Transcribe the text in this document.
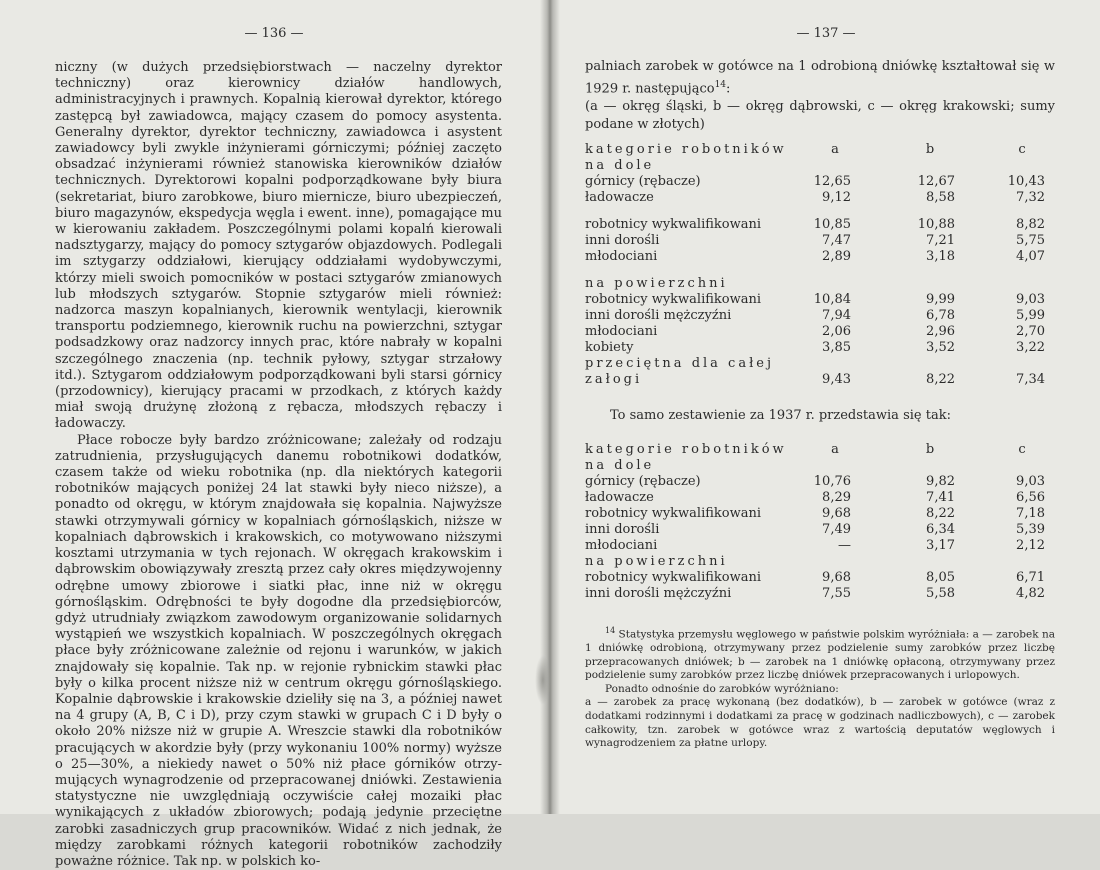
— 136 —

niczny (w dużych przedsiębiorstwach — naczelny dyrektor techniczny) oraz kierownicy działów handlowych, administracyjnych i prawnych. Kopalnią kierował dyrektor, którego zastępcą był zawiadowca, mający czasem do pomocy asystenta. Generalny dyrektor, dyrektor techniczny, zawiadowca i asystent zawiadowcy byli zwykle inżynierami górniczymi; później zaczęto obsadzać inżynierami również stanowiska kierowników działów technicznych. Dyrektorowi kopalni podporządkowane były biura (sekretariat, biuro zarobkowe, biuro miernicze, biuro ubezpieczeń, biuro magazynów, ekspedycja węgla i ewent. inne), pomagające mu w kierowaniu zakładem. Poszczególnymi polami kopalń kierowali nadsztygarzy, mający do pomocy sztygarów objazdowych. Podlegali im sztygarzy oddziałowi, kierujący oddziałami wydobywczymi, którzy mieli swoich pomocników w postaci sztygarów zmianowych lub młodszych sztygarów. Stopnie sztygarów mieli również: nadzorca maszyn kopalnianych, kierownik wentylacji, kierownik transportu podziemnego, kierownik ruchu na powierzchni, sztygar podsadzkowy oraz nadzorcy innych prac, które nabrały w kopalni szczególnego znaczenia (np. technik pyłowy, sztygar strzałowy itd.). Sztygarom oddziałowym podporządkowani byli starsi górnicy (przodownicy), kierujący pracami w przodkach, z których każdy miał swoją drużynę złożoną z rębacza, młodszych rębaczy i ładowaczy.

Płace robocze były bardzo zróżnicowane; zależały od rodzaju zatrudnienia, przysługujących danemu robotnikowi dodatków, czasem także od wieku robotnika (np. dla niektórych kategorii robotników mających poniżej 24 lat stawki były nieco niższe), a ponadto od okręgu, w którym znajdowała się kopalnia. Najwyższe stawki otrzymywali górnicy w kopalniach górnośląskich, niższe w kopalniach dąbrowskich i krakowskich, co motywowano niższymi kosztami utrzymania w tych rejonach. W okręgach krakowskim i dąbrowskim obowiązywały zresztą przez cały okres międzywojenny odrębne umowy zbiorowe i siatki płac, inne niż w okręgu górnośląskim. Odrębności te były dogodne dla przedsiębiorców, gdyż utrudniały związkom zawodowym organizowanie solidarnych wystąpień we wszystkich kopalniach. W poszczególnych okręgach płace były zróżnicowane zależnie od rejonu i warunków, w jakich znajdowały się kopalnie. Tak np. w rejonie rybnickim stawki płac były o kilka procent niższe niż w centrum okręgu górnośląskiego. Kopalnie dąbrowskie i krakowskie dzieliły się na 3, a później nawet na 4 grupy (A, B, C i D), przy czym stawki w grupach C i D były o około 20% niższe niż w grupie A. Wreszcie stawki dla robotników pracujących w akordzie były (przy wykonaniu 100% normy) wyższe o 25—30%, a niekiedy nawet o 50% niż płace górników otrzymujących wynagrodzenie od przepracowanej dniówki. Zestawienia statystyczne nie uwzględniają oczywiście całej mozaiki płac wynikających z układów zbiorowych; podają jedynie przeciętne zarobki zasadniczych grup pracowników. Widać z nich jednak, że między zarobkami różnych kategorii robotników zachodziły poważne różnice. Tak np. w polskich ko-

— 137 —
palniach zarobek w gotówce na 1 odrobioną dniówkę kształtował się w 1929 r. następująco$^{14}$:
(a — okręg śląski, b — okręg dąbrowski, c — okręg krakowski; sumy podane w złotych)
kategorie robotników	a	b	c
na dole
górnicy (rębacze)	12,65	12,67	10,43
ładowacze	9,12	8,58	7,32
robotnicy wykwalifikowani	10,85	10,88	8,82
inni dorośli	7,47	7,21	5,75
młodociani	2,89	3,18	4,07
na powierzchni
robotnicy wykwalifikowani	10,84	9,99	9,03
inni dorośli mężczyźni	7,94	6,78	5,99
młodociani	2,06	2,96	2,70
kobiety	3,85	3,52	3,22
przeciętna dla całej
załogi	9,43	8,22	7,34
To samo zestawienie za 1937 r. przedstawia się tak:
kategorie robotników	a	b	c
na dole
górnicy (rębacze)	10,76	9,82	9,03
ładowacze	8,29	7,41	6,56
robotnicy wykwalifikowani	9,68	8,22	7,18
inni dorośli	7,49	6,34	5,39
młodociani	—	3,17	2,12
na powierzchni
robotnicy wykwalifikowani	9,68	8,05	6,71
inni dorośli mężczyźni	7,55	5,58	4,82

$^{14}$ Statystyka przemysłu węglowego w państwie polskim wyróżniała: a — zarobek na 1 dniówkę odrobioną, otrzymywany przez podzielenie sumy zarobków przez liczbę przepracowanych dniówek; b — zarobek na 1 dniówkę opłaconą, otrzymywany przez podzielenie sumy zarobków przez liczbę dniówek przepracowanych i urlopowych.

Ponadto odnośnie do zarobków wyróżniano:

a — zarobek za pracę wykonaną (bez dodatków), b — zarobek w gotówce (wraz z dodatkami rodzinnymi i dodatkami za pracę w godzinach nadliczbowych), c — zarobek całkowity, tzn. zarobek w gotówce wraz z wartością deputatów węglowych i wynagrodzeniem za płatne urlopy.
